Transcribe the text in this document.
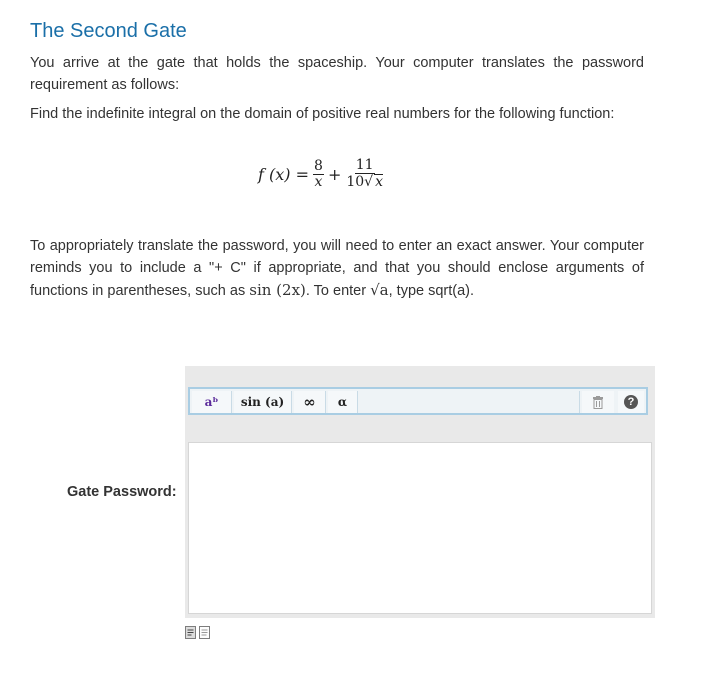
The Second Gate
You arrive at the gate that holds the spaceship. Your computer translates the password requirement as follows:
Find the indefinite integral on the domain of positive real numbers for the following function:
f $(x) = \frac{8}{x} + \frac{11}{10√ x}$
To appropriately translate the password, you will need to enter an exact answer. Your computer reminds you to include a "+ C" if appropriate, and that you should enclose arguments of functions in parentheses, such as sin (2x). To enter √a, type sqrt(a).
Gate Password:
aᵇ	sin (a)	∞	α	?
